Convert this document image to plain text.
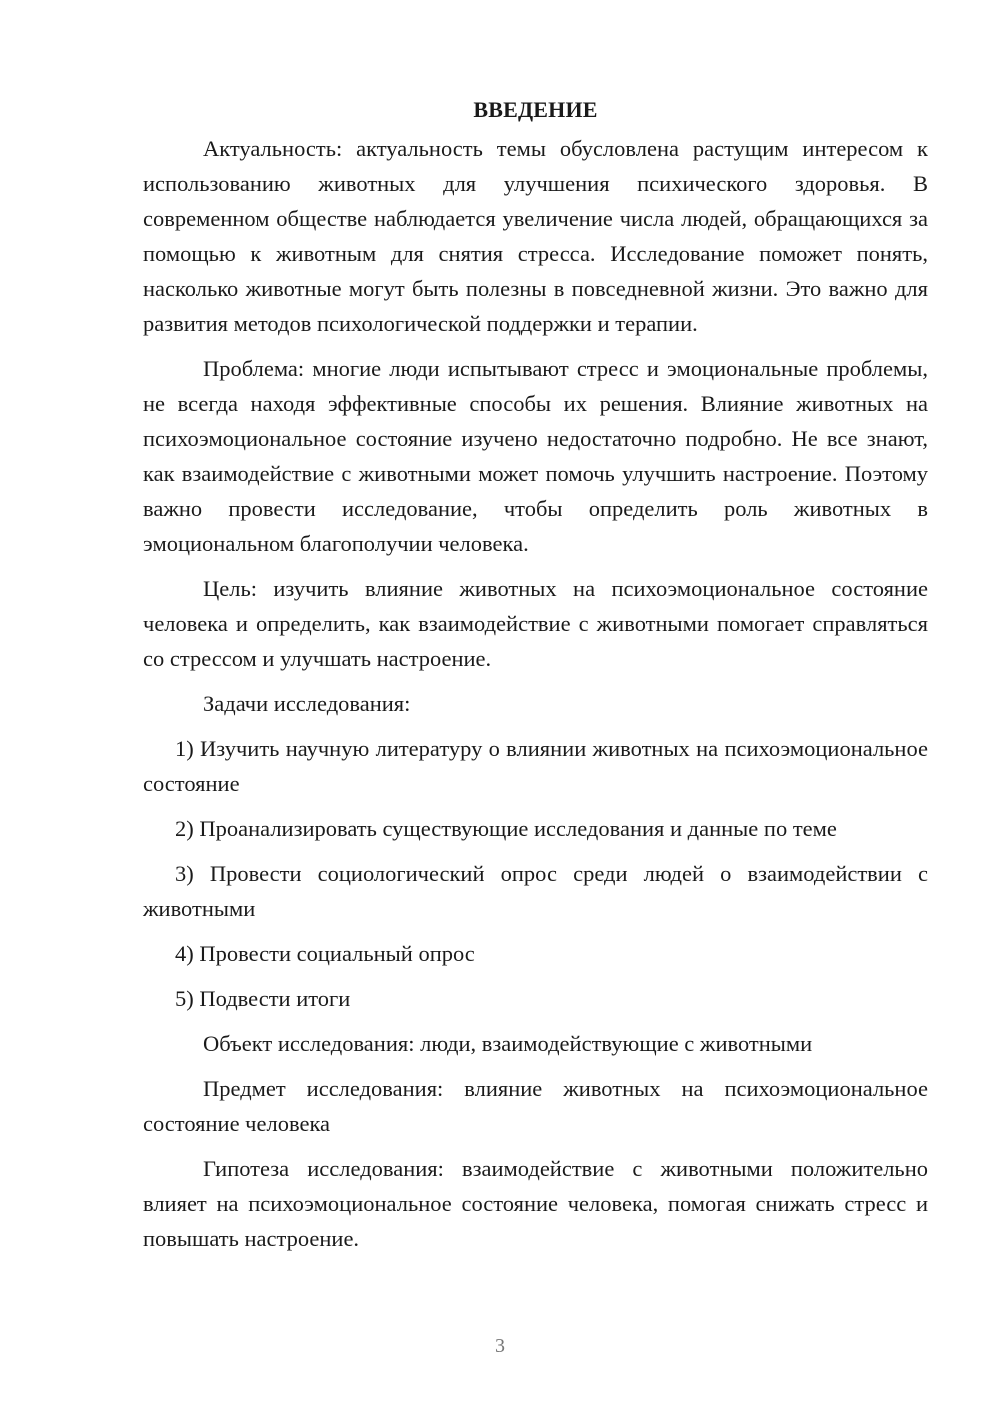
ВВЕДЕНИЕ

Актуальность: актуальность темы обусловлена растущим интересом к использованию животных для улучшения психического здоровья. В современном обществе наблюдается увеличение числа людей, обращающихся за помощью к животным для снятия стресса. Исследование поможет понять, насколько животные могут быть полезны в повседневной жизни. Это важно для развития методов психологической поддержки и терапии.

Проблема: многие люди испытывают стресс и эмоциональные проблемы, не всегда находя эффективные способы их решения. Влияние животных на психоэмоциональное состояние изучено недостаточно подробно. Не все знают, как взаимодействие с животными может помочь улучшить настроение. Поэтому важно провести исследование, чтобы определить роль животных в эмоциональном благополучии человека.

Цель: изучить влияние животных на психоэмоциональное состояние человека и определить, как взаимодействие с животными помогает справляться со стрессом и улучшать настроение.

Задачи исследования:

1) Изучить научную литературу о влиянии животных на психоэмоциональное состояние

2) Проанализировать существующие исследования и данные по теме

3) Провести социологический опрос среди людей о взаимодействии с животными

4) Провести социальный опрос

5) Подвести итоги

Объект исследования: люди, взаимодействующие с животными

Предмет исследования: влияние животных на психоэмоциональное состояние человека

Гипотеза исследования: взаимодействие с животными положительно влияет на психоэмоциональное состояние человека, помогая снижать стресс и повышать настроение.

3
